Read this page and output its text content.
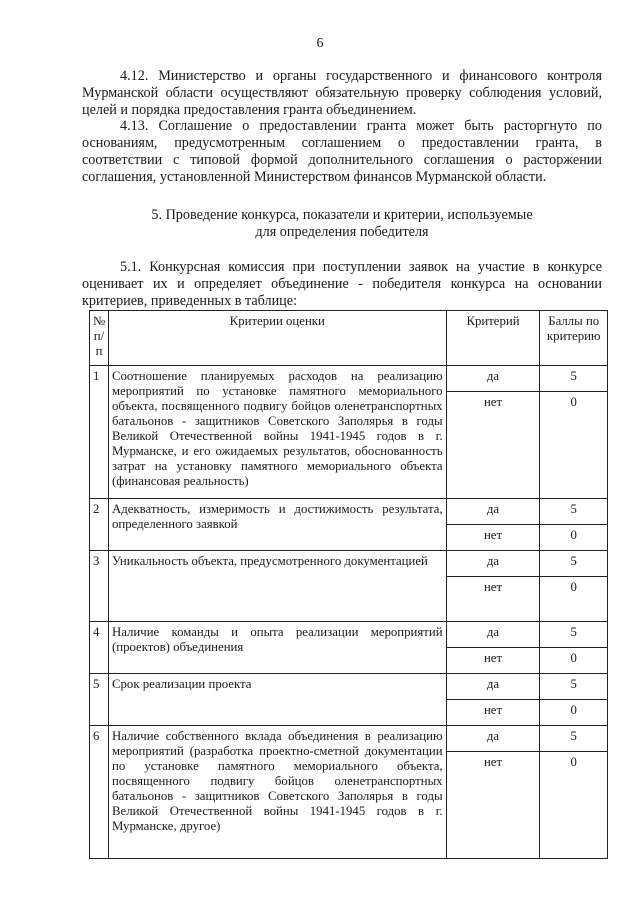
6

4.12. Министерство и органы государственного и финансового контроля Мурманской области осуществляют обязательную проверку соблюдения условий, целей и порядка предоставления гранта объединением.

4.13. Соглашение о предоставлении гранта может быть расторгнуто по основаниям, предусмотренным соглашением о предоставлении гранта, в соответствии с типовой формой дополнительного соглашения о расторжении соглашения, установленной Министерством финансов Мурманской области.

5. Проведение конкурса, показатели и критерии, используемые
для определения победителя

5.1. Конкурсная комиссия при поступлении заявок на участие в конкурсе оценивает их и определяет объединение - победителя конкурса на основании критериев, приведенных в таблице:

№
п/п	Критерии оценки	Критерий	Баллы по
критерию

1	Соотношение планируемых расходов на реализацию мероприятий по установке памятного мемориального объекта, посвященного подвигу бойцов оленетранспортных батальонов - защитников Советского Заполярья в годы Великой Отечественной войны 1941-1945 годов в г. Мурманске, и его ожидаемых результатов, обоснованность затрат на установку памятного мемориального объекта (финансовая реальность)	да	5
		нет	0
2	Адекватность, измеримость и достижимость результата, определенного заявкой	да	5
		нет	0
3	Уникальность объекта, предусмотренного документацией	да	5
		нет	0
4	Наличие команды и опыта реализации мероприятий (проектов) объединения	да	5
		нет	0
5	Срок реализации проекта	да	5
		нет	0
6	Наличие собственного вклада объединения в реализацию мероприятий (разработка проектно-сметной документации по установке памятного мемориального объекта, посвященного подвигу бойцов оленетранспортных батальонов - защитников Советского Заполярья в годы Великой Отечественной войны 1941-1945 годов в г. Мурманске, другое)	да	5
		нет	0
